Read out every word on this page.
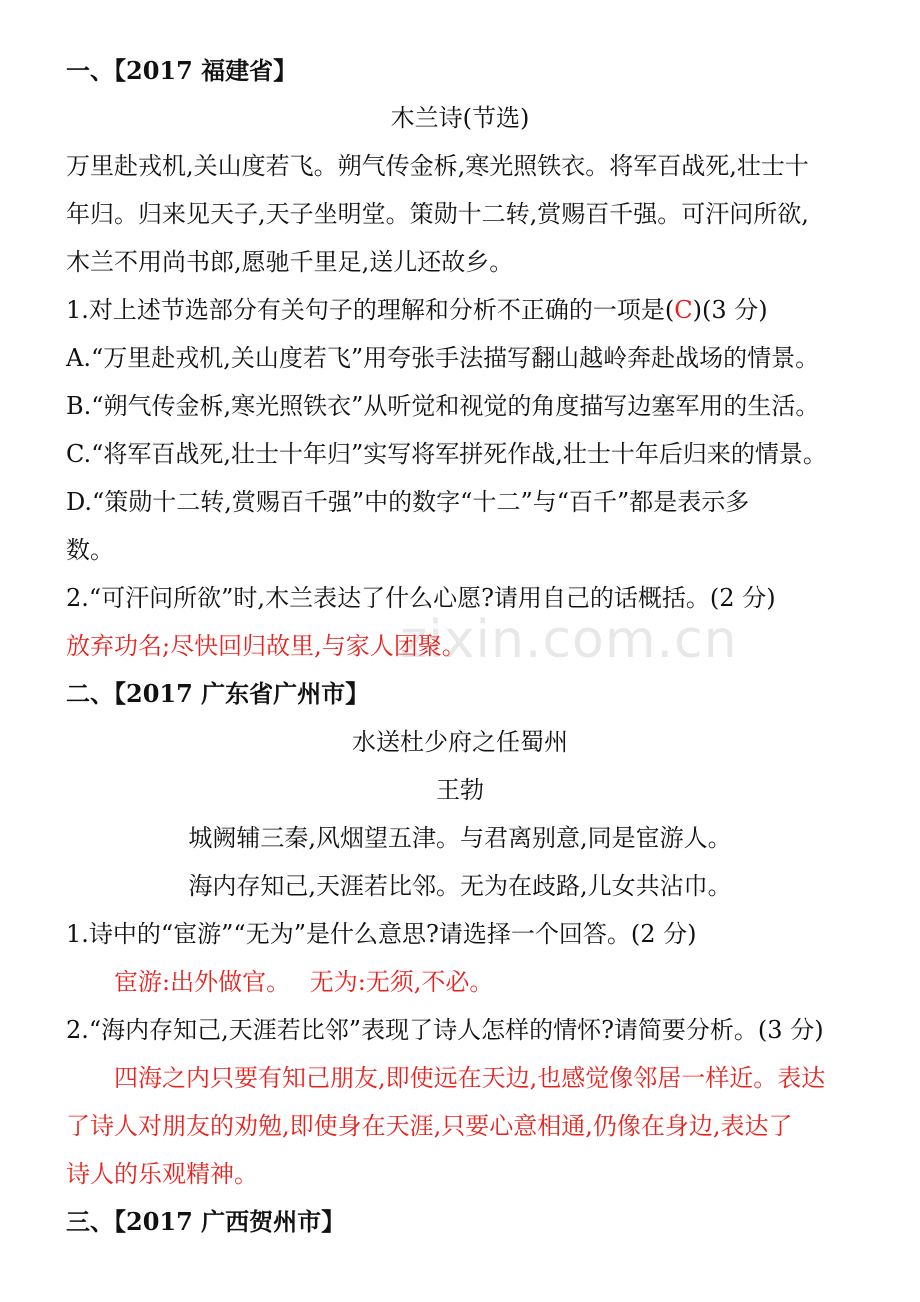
zixin.com.cn
一、【2017 福建省】
木兰诗(节选)
万里赴戎机,关山度若飞。朔气传金柝,寒光照铁衣。将军百战死,壮士十
年归。归来见天子,天子坐明堂。策勋十二转,赏赐百千强。可汗问所欲,
木兰不用尚书郎,愿驰千里足,送儿还故乡。
1.对上述节选部分有关句子的理解和分析不正确的一项是(C)(3 分)
A.“万里赴戎机,关山度若飞”用夸张手法描写翻山越岭奔赴战场的情景。
B.“朔气传金柝,寒光照铁衣”从听觉和视觉的角度描写边塞军用的生活。
C.“将军百战死,壮士十年归”实写将军拼死作战,壮士十年后归来的情景。
D.“策勋十二转,赏赐百千强”中的数字“十二”与“百千”都是表示多
数。
2.“可汗问所欲”时,木兰表达了什么心愿?请用自己的话概括。(2 分)
放弃功名;尽快回归故里,与家人团聚。
二、【2017 广东省广州市】
水送杜少府之任蜀州
王勃
城阙辅三秦,风烟望五津。与君离别意,同是宦游人。
海内存知己,天涯若比邻。无为在歧路,儿女共沾巾。
1.诗中的“宦游”“无为”是什么意思?请选择一个回答。(2 分)
宦游:出外做官。　 无为:无须,不必。
2.“海内存知己,天涯若比邻”表现了诗人怎样的情怀?请简要分析。(3 分)
四海之内只要有知己朋友,即使远在天边,也感觉像邻居一样近。表达
了诗人对朋友的劝勉,即使身在天涯,只要心意相通,仍像在身边,表达了
诗人的乐观精神。
三、【2017 广西贺州市】
